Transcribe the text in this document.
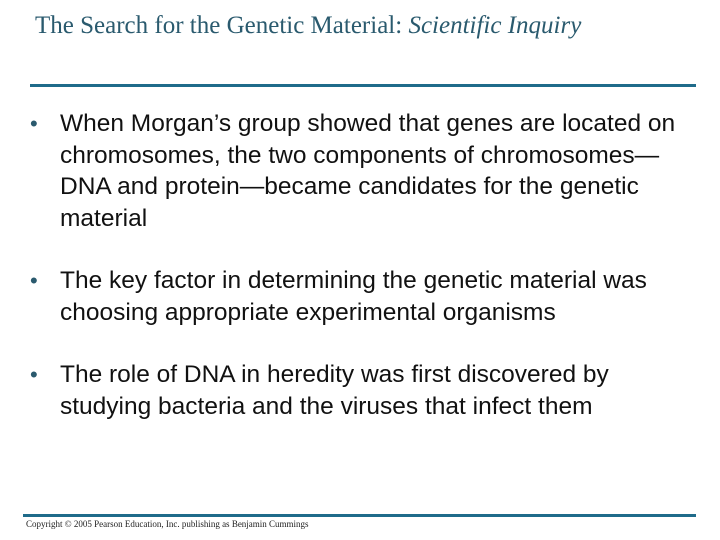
The Search for the Genetic Material: Scientific Inquiry
• When Morgan’s group showed that genes are located on chromosomes, the two components of chromosomes—DNA and protein—became candidates for the genetic material
• The key factor in determining the genetic material was choosing appropriate experimental organisms
• The role of DNA in heredity was first discovered by studying bacteria and the viruses that infect them
Copyright © 2005 Pearson Education, Inc. publishing as Benjamin Cummings
